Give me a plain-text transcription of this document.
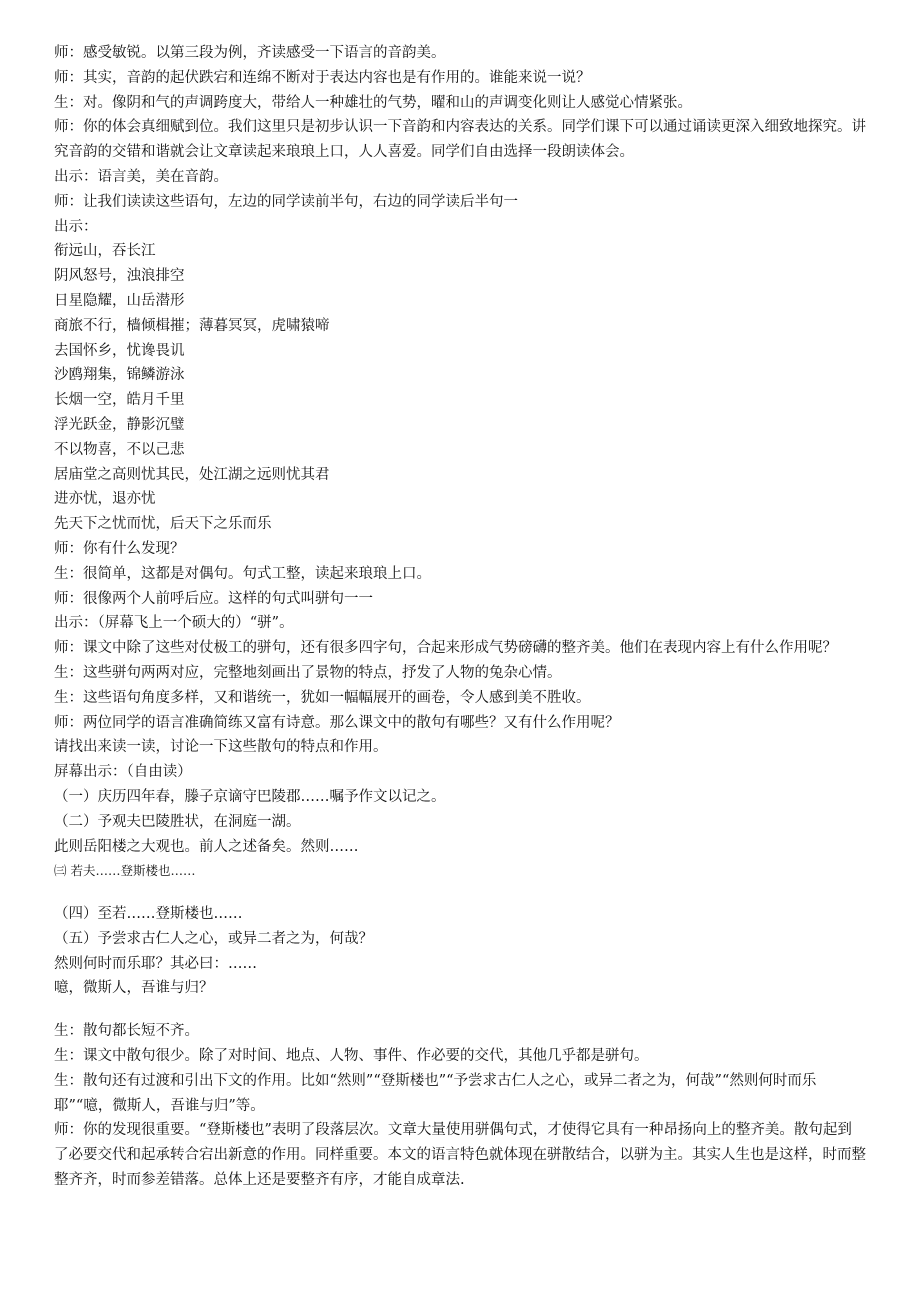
师：感受敏锐。以第三段为例，齐读感受一下语言的音韵美。
师：其实，音韵的起伏跌宕和连绵不断对于表达内容也是有作用的。谁能来说一说？
生：对。像阴和气的声调跨度大，带给人一种雄壮的气势，曜和山的声调变化则让人感觉心情紧张。
师：你的体会真细赋到位。我们这里只是初步认识一下音韵和内容表达的关系。同学们课下可以通过诵读更深入细致地探究。讲究音韵的交错和谐就会让文章读起来琅琅上口，人人喜爱。同学们自由选择一段朗读体会。
出示：语言美，美在音韵。
师：让我们读读这些语句，左边的同学读前半句，右边的同学读后半句一
出示：
衔远山，吞长江
阴风怒号，浊浪排空
日星隐耀，山岳潜形
商旅不行，樯倾楫摧；薄暮冥冥，虎啸猿啼
去国怀乡，忧谗畏讥
沙鸥翔集，锦鳞游泳
长烟一空，皓月千里
浮光跃金，静影沉璧
不以物喜，不以己悲
居庙堂之高则忧其民，处江湖之远则忧其君
进亦忧，退亦忧
先天下之忧而忧，后天下之乐而乐
师：你有什么发现？
生：很简单，这都是对偶句。句式工整，读起来琅琅上口。
师：很像两个人前呼后应。这样的句式叫骈句一一
出示：（屏幕飞上一个硕大的）“骈”。
师：课文中除了这些对仗极工的骈句，还有很多四字句，合起来形成气势磅礴的整齐美。他们在表现内容上有什么作用呢？
生：这些骈句两两对应，完整地刻画出了景物的特点，抒发了人物的兔杂心情。
生：这些语句角度多样，又和谐统一，犹如一幅幅展开的画卷，令人感到美不胜收。
师：两位同学的语言准确简练又富有诗意。那么课文中的散句有哪些？又有什么作用呢？
请找出来读一读，讨论一下这些散句的特点和作用。
屏幕出示：（自由读）
（一）庆历四年春，滕子京谪守巴陵郡……嘱予作文以记之。
（二）予观夫巴陵胜状，在洞庭一湖。
此则岳阳楼之大观也。前人之述备矣。然则……
㈢ 若夫……登斯楼也……
（四）至若……登斯楼也……
（五）予尝求古仁人之心，或异二者之为，何哉？
然则何时而乐耶？其必曰：……
噫，微斯人，吾谁与归？
生：散句都长短不齐。
生：课文中散句很少。除了对时间、地点、人物、事件、作必要的交代，其他几乎都是骈句。
生：散句还有过渡和引出下文的作用。比如“然则”“登斯楼也”“予尝求古仁人之心，或异二者之为，何哉”“然则何时而乐耶”“噫，微斯人，吾谁与归”等。
师：你的发现很重要。“登斯楼也”表明了段落层次。文章大量使用骈偶句式，才使得它具有一种昂扬向上的整齐美。散句起到了必要交代和起承转合宕出新意的作用。同样重要。本文的语言特色就体现在骈散结合，以骈为主。其实人生也是这样，时而整整齐齐，时而参差错落。总体上还是要整齐有序，才能自成章法.
